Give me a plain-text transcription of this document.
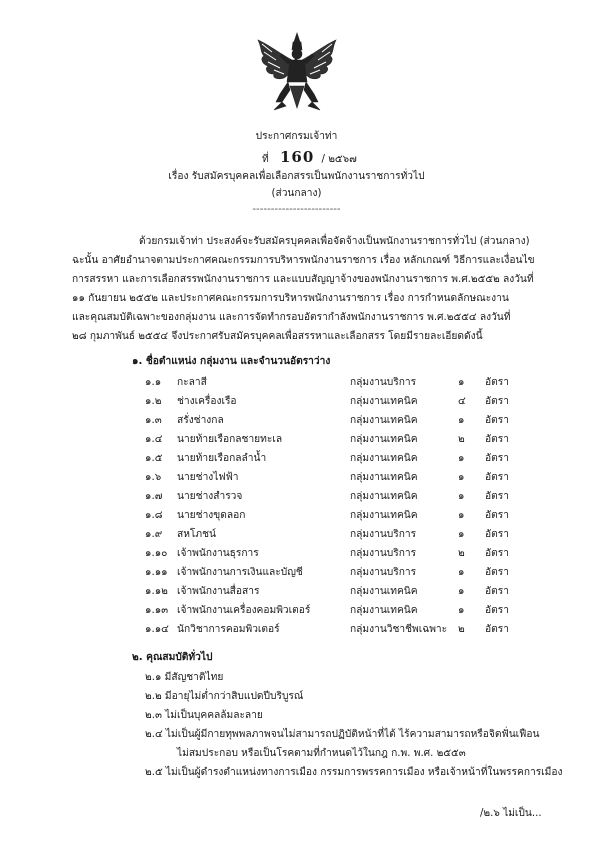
ประกาศกรมเจ้าท่า
ที่ 160 / ๒๕๖๗
เรื่อง รับสมัครบุคคลเพื่อเลือกสรรเป็นพนักงานราชการทั่วไป
(ส่วนกลาง)
------------------------
ด้วยกรมเจ้าท่า ประสงค์จะรับสมัครบุคคลเพื่อจัดจ้างเป็นพนักงานราชการทั่วไป (ส่วนกลาง)
ฉะนั้น อาศัยอำนาจตามประกาศคณะกรรมการบริหารพนักงานราชการ เรื่อง หลักเกณฑ์ วิธีการและเงื่อนไข
การสรรหา และการเลือกสรรพนักงานราชการ และแบบสัญญาจ้างของพนักงานราชการ พ.ศ.๒๕๕๒ ลงวันที่
๑๑ กันยายน ๒๕๕๒ และประกาศคณะกรรมการบริหารพนักงานราชการ เรื่อง การกำหนดลักษณะงาน
และคุณสมบัติเฉพาะของกลุ่มงาน และการจัดทำกรอบอัตรากำลังพนักงานราชการ พ.ศ.๒๕๕๔ ลงวันที่
๒๘ กุมภาพันธ์ ๒๕๕๔ จึงประกาศรับสมัครบุคคลเพื่อสรรหาและเลือกสรร โดยมีรายละเอียดดังนี้
๑. ชื่อตำแหน่ง กลุ่มงาน และจำนวนอัตราว่าง
๑.๑ กะลาสี	กลุ่มงานบริการ	๑ อัตรา
๑.๒ ช่างเครื่องเรือ	กลุ่มงานเทคนิค	๔ อัตรา
๑.๓ สรั่งช่างกล	กลุ่มงานเทคนิค	๑ อัตรา
๑.๔ นายท้ายเรือกลชายทะเล	กลุ่มงานเทคนิค	๒ อัตรา
๑.๕ นายท้ายเรือกลลำน้ำ	กลุ่มงานเทคนิค	๑ อัตรา
๑.๖ นายช่างไฟฟ้า	กลุ่มงานเทคนิค	๑ อัตรา
๑.๗ นายช่างสำรวจ	กลุ่มงานเทคนิค	๑ อัตรา
๑.๘ นายช่างขุดลอก	กลุ่มงานเทคนิค	๑ อัตรา
๑.๙ สหโภชน์	กลุ่มงานบริการ	๑ อัตรา
๑.๑๐ เจ้าพนักงานธุรการ	กลุ่มงานบริการ	๒ อัตรา
๑.๑๑ เจ้าพนักงานการเงินและบัญชี	กลุ่มงานบริการ	๑ อัตรา
๑.๑๒ เจ้าพนักงานสื่อสาร	กลุ่มงานเทคนิค	๑ อัตรา
๑.๑๓ เจ้าพนักงานเครื่องคอมพิวเตอร์	กลุ่มงานเทคนิค	๑ อัตรา
๑.๑๔ นักวิชาการคอมพิวเตอร์	กลุ่มงานวิชาชีพเฉพาะ ๒ อัตรา
๒. คุณสมบัติทั่วไป
๒.๑ มีสัญชาติไทย
๒.๒ มีอายุไม่ต่ำกว่าสิบแปดปีบริบูรณ์
๒.๓ ไม่เป็นบุคคลล้มละลาย
๒.๔ ไม่เป็นผู้มีกายทุพพลภาพจนไม่สามารถปฏิบัติหน้าที่ได้ ไร้ความสามารถหรือจิตฟั่นเฟือน
ไม่สมประกอบ หรือเป็นโรคตามที่กำหนดไว้ในกฎ ก.พ. พ.ศ. ๒๕๕๓
๒.๕ ไม่เป็นผู้ดำรงตำแหน่งทางการเมือง กรรมการพรรคการเมือง หรือเจ้าหน้าที่ในพรรคการเมือง
/๒.๖ ไม่เป็น...
